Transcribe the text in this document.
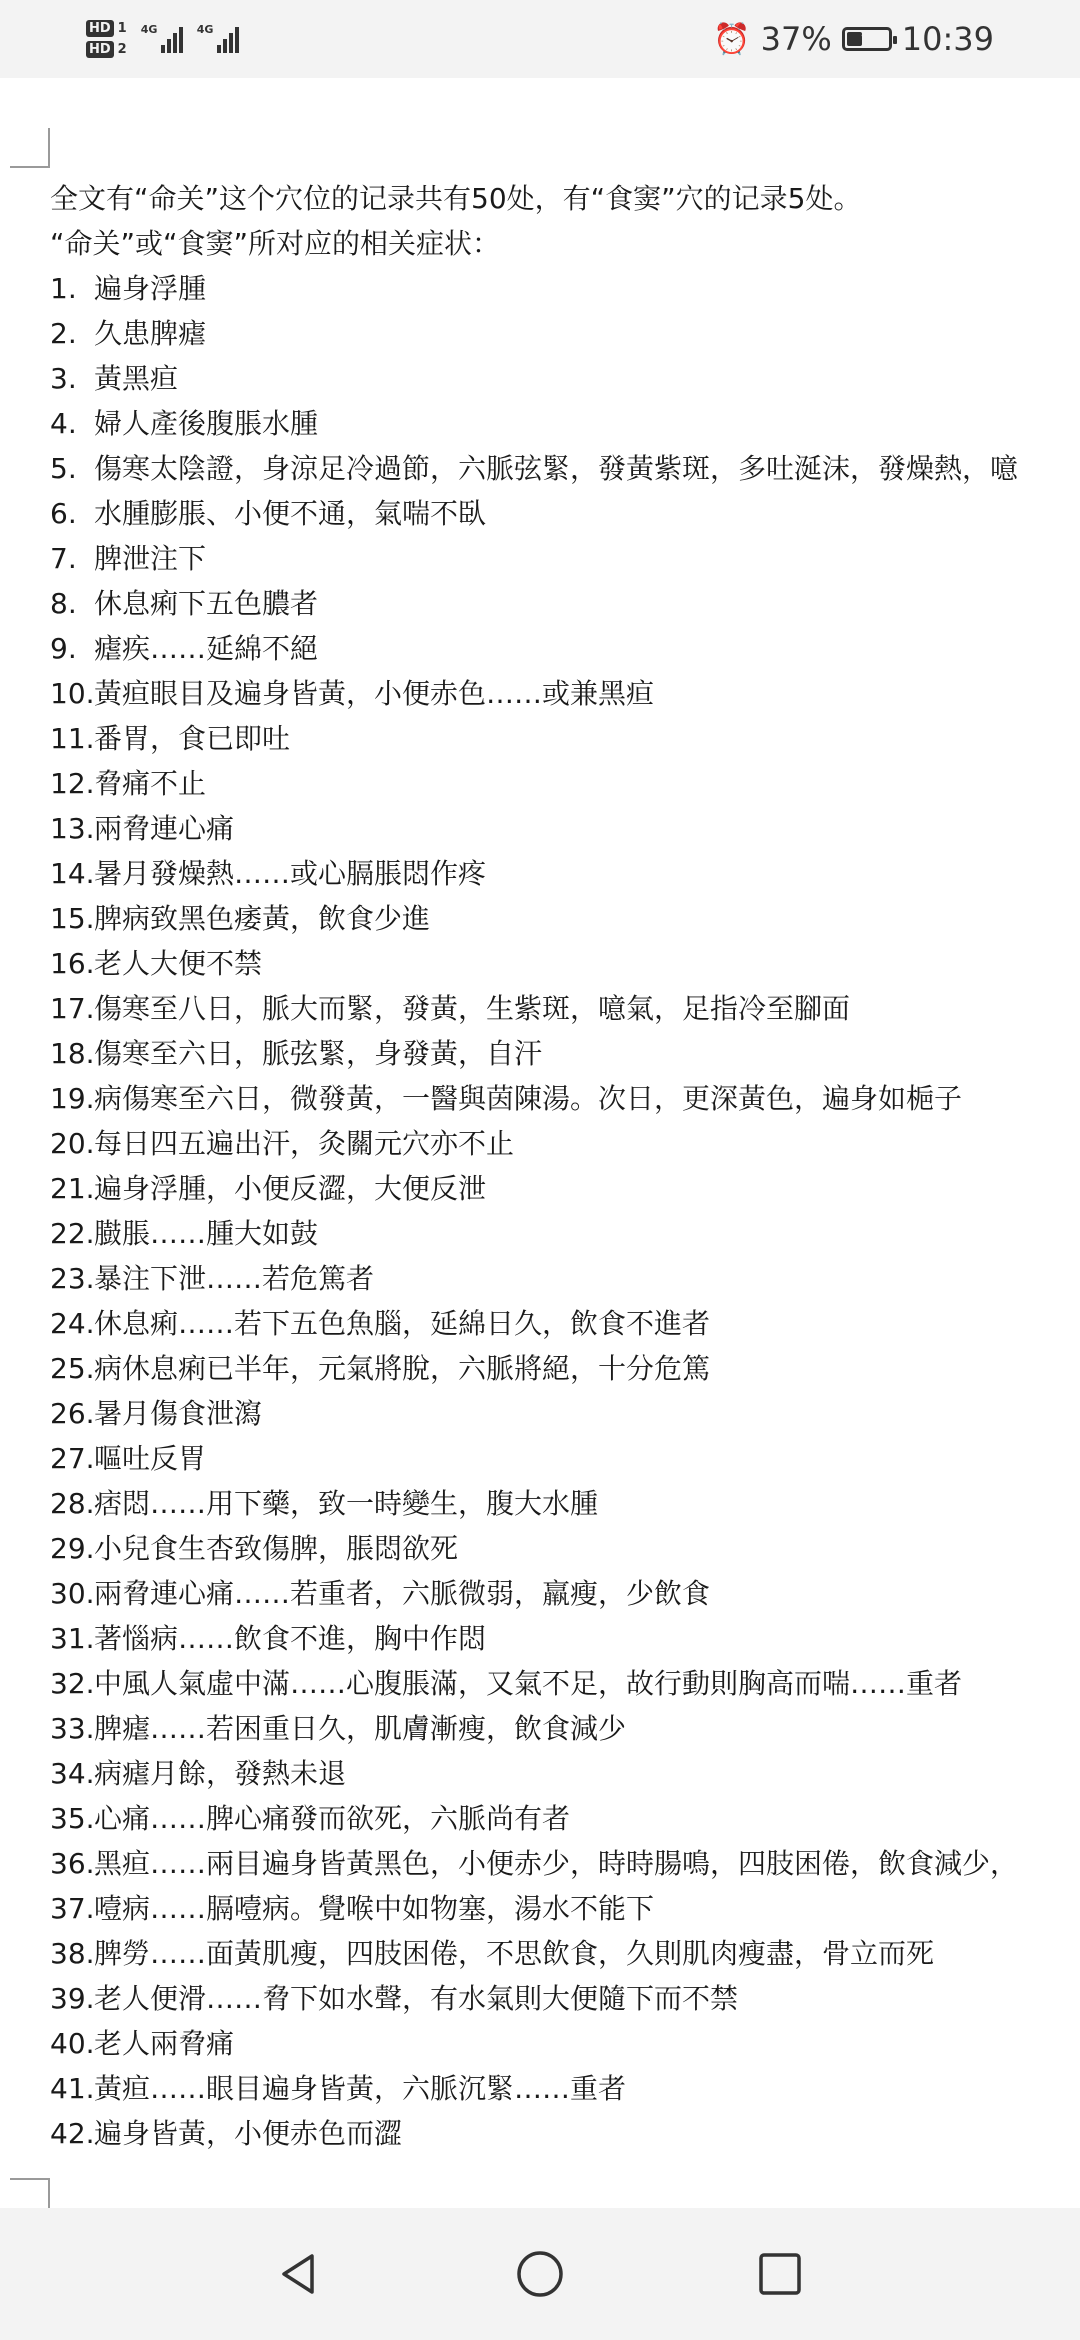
HD 1
HD 2
4G	4G	⏰ 37% ❦ 10:39
全文有“命关”这个穴位的记录共有50处，有“食窦”穴的记录5处。
“命关”或“食窦”所对应的相关症状：
1. 遍身浮腫
2. 久患脾瘧
3. 黃黑疸
4. 婦人產後腹脹水腫
5. 傷寒太陰證，身涼足冷過節，六脈弦緊，發黃紫斑，多吐涎沫，發燥熱，噫
6. 水腫膨脹、小便不通，氣喘不臥
7. 脾泄注下
8. 休息痢下五色膿者
9. 瘧疾……延綿不絕
10. 黃疸眼目及遍身皆黃，小便赤色……或兼黑疸
11. 番胃，食已即吐
12. 脅痛不止
13. 兩脅連心痛
14. 暑月發燥熱……或心膈脹悶作疼
15. 脾病致黑色痿黃，飲食少進
16. 老人大便不禁
17. 傷寒至八日，脈大而緊，發黃，生紫斑，噫氣，足指冷至腳面
18. 傷寒至六日，脈弦緊，身發黃，自汗
19. 病傷寒至六日，微發黃，一醫與茵陳湯。次日，更深黃色，遍身如梔子
20. 每日四五遍出汗，灸關元穴亦不止
21. 遍身浮腫，小便反澀，大便反泄
22. 臌脹……腫大如鼓
23. 暴注下泄……若危篤者
24. 休息痢……若下五色魚腦，延綿日久，飲食不進者
25. 病休息痢已半年，元氣將脫，六脈將絕，十分危篤
26. 暑月傷食泄瀉
27. 嘔吐反胃
28. 痞悶……用下藥，致一時變生，腹大水腫
29. 小兒食生杏致傷脾，脹悶欲死
30. 兩脅連心痛……若重者，六脈微弱，羸瘦，少飲食
31. 著惱病……飲食不進，胸中作悶
32. 中風人氣虛中滿……心腹脹滿，又氣不足，故行動則胸高而喘……重者
33. 脾瘧……若困重日久，肌膚漸瘦，飲食減少
34. 病瘧月餘，發熱未退
35. 心痛……脾心痛發而欲死，六脈尚有者
36. 黑疸……兩目遍身皆黃黑色，小便赤少，時時腸鳴，四肢困倦，飲食減少，
37. 噎病……膈噎病。覺喉中如物塞，湯水不能下
38. 脾勞……面黃肌瘦，四肢困倦，不思飲食，久則肌肉瘦盡，骨立而死
39. 老人便滑……脅下如水聲，有水氣則大便隨下而不禁
40. 老人兩脅痛
41. 黃疸……眼目遍身皆黃，六脈沉緊……重者
42. 遍身皆黃，小便赤色而澀
